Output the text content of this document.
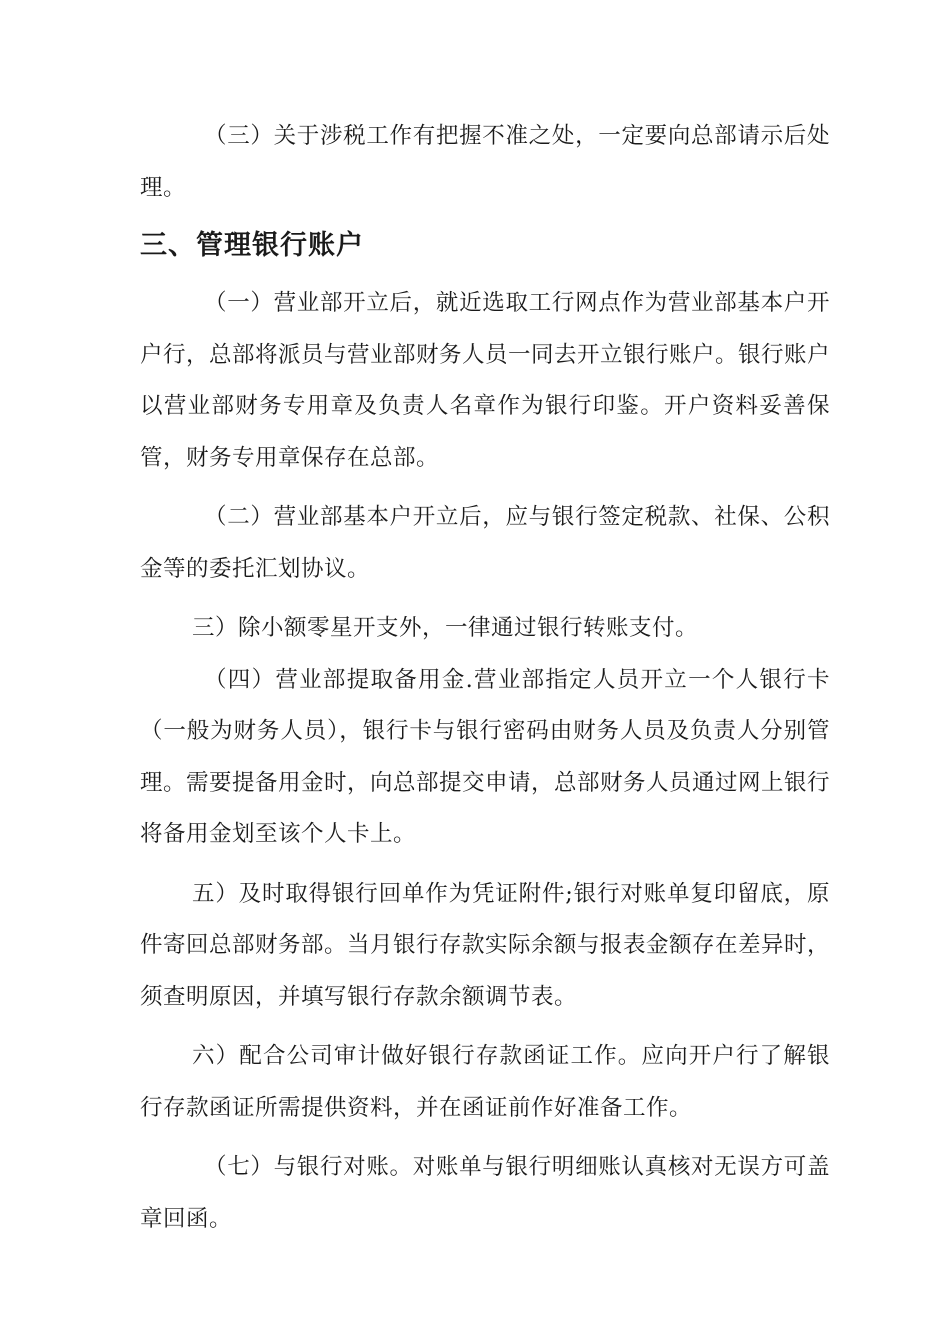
（三）关于涉税工作有把握不准之处，一定要向总部请示后处理。

三、管理银行账户

（一）营业部开立后，就近选取工行网点作为营业部基本户开户行，总部将派员与营业部财务人员一同去开立银行账户。银行账户以营业部财务专用章及负责人名章作为银行印鉴。开户资料妥善保管，财务专用章保存在总部。

（二）营业部基本户开立后，应与银行签定税款、社保、公积金等的委托汇划协议。

三）除小额零星开支外，一律通过银行转账支付。

（四）营业部提取备用金.营业部指定人员开立一个人银行卡（一般为财务人员），银行卡与银行密码由财务人员及负责人分别管理。需要提备用金时，向总部提交申请，总部财务人员通过网上银行将备用金划至该个人卡上。

五）及时取得银行回单作为凭证附件;银行对账单复印留底，原件寄回总部财务部。当月银行存款实际余额与报表金额存在差异时，须查明原因，并填写银行存款余额调节表。

六）配合公司审计做好银行存款函证工作。应向开户行了解银行存款函证所需提供资料，并在函证前作好准备工作。

（七）与银行对账。对账单与银行明细账认真核对无误方可盖章回函。
